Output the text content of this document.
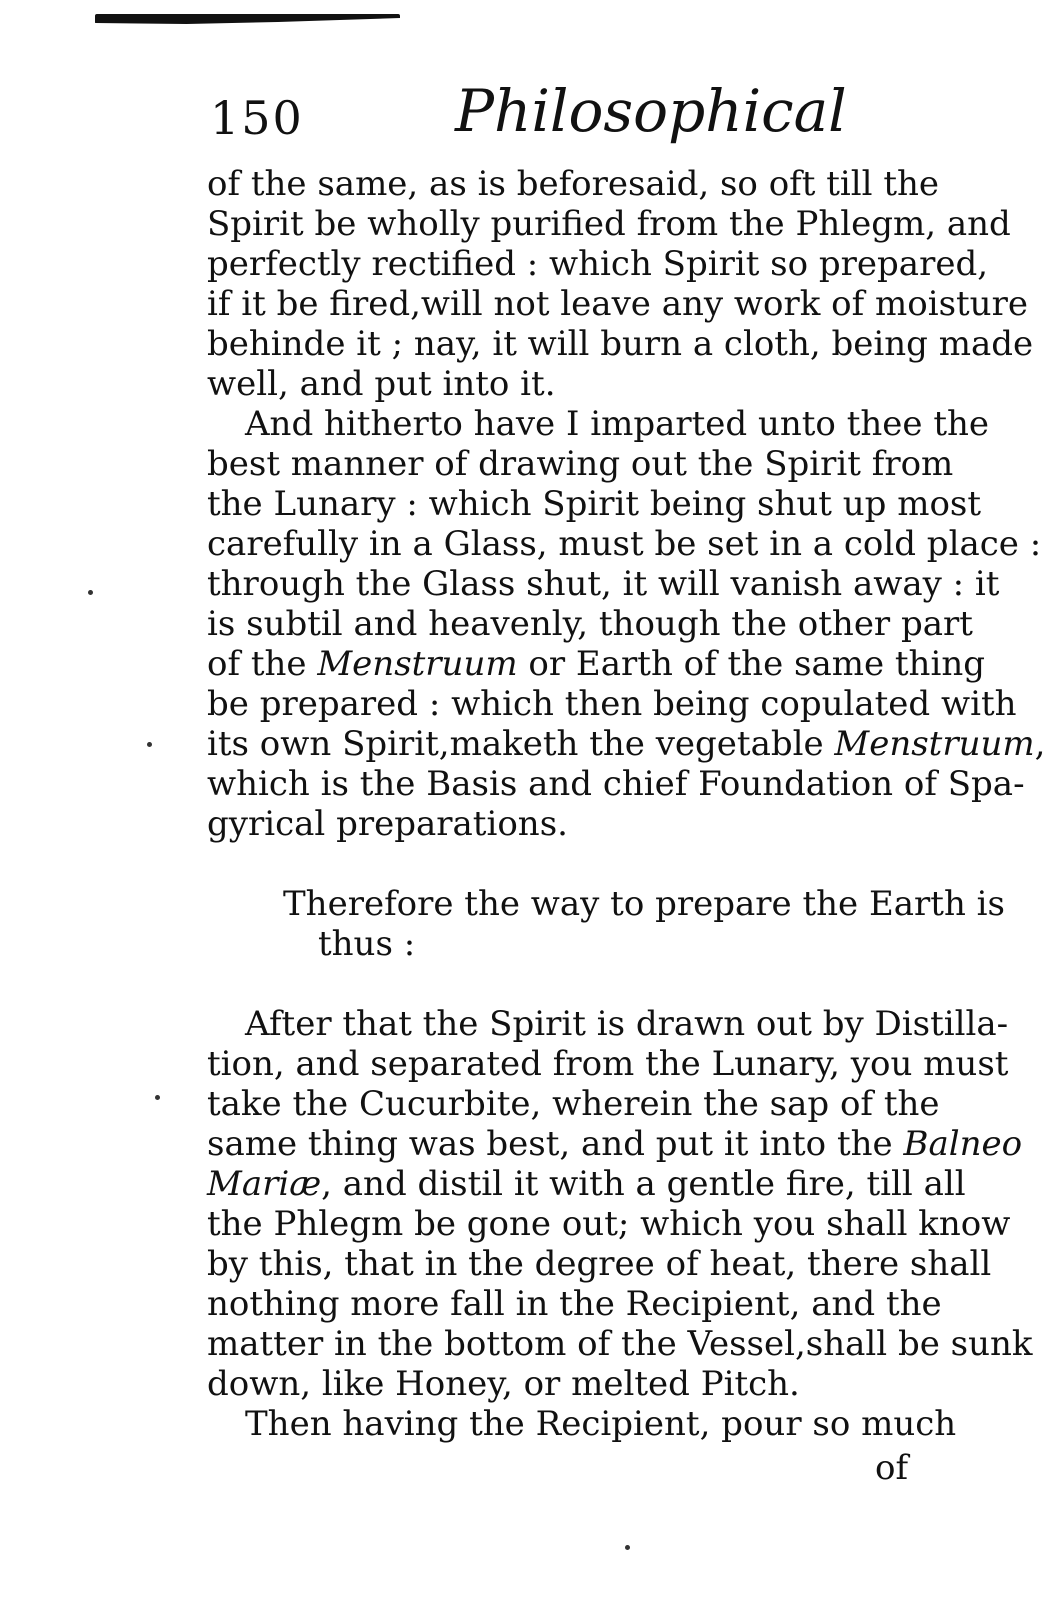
150	Philosophical
of the same, as is beforesaid, so oft till the
Spirit be wholly purified from the Phlegm, and
perfectly rectified : which Spirit so prepared,
if it be fired,will not leave any work of moisture
behinde it ; nay, it will burn a cloth, being made
well, and put into it.
And hitherto have I imparted unto thee the
best manner of drawing out the Spirit from
the Lunary : which Spirit being shut up most
carefully in a Glass, must be set in a cold place :
through the Glass shut, it will vanish away : it
is subtil and heavenly, though the other part
of the Menstruum or Earth of the same thing
be prepared : which then being copulated with
its own Spirit,maketh the vegetable Menstruum,
which is the Basis and chief Foundation of Spa-
gyrical preparations.
Therefore the way to prepare the Earth is
thus :
After that the Spirit is drawn out by Distilla-
tion, and separated from the Lunary, you must
take the Cucurbite, wherein the sap of the
same thing was best, and put it into the Balneo
Mariæ, and distil it with a gentle fire, till all
the Phlegm be gone out; which you shall know
by this, that in the degree of heat, there shall
nothing more fall in the Recipient, and the
matter in the bottom of the Vessel,shall be sunk
down, like Honey, or melted Pitch.
Then having the Recipient, pour so much
of
